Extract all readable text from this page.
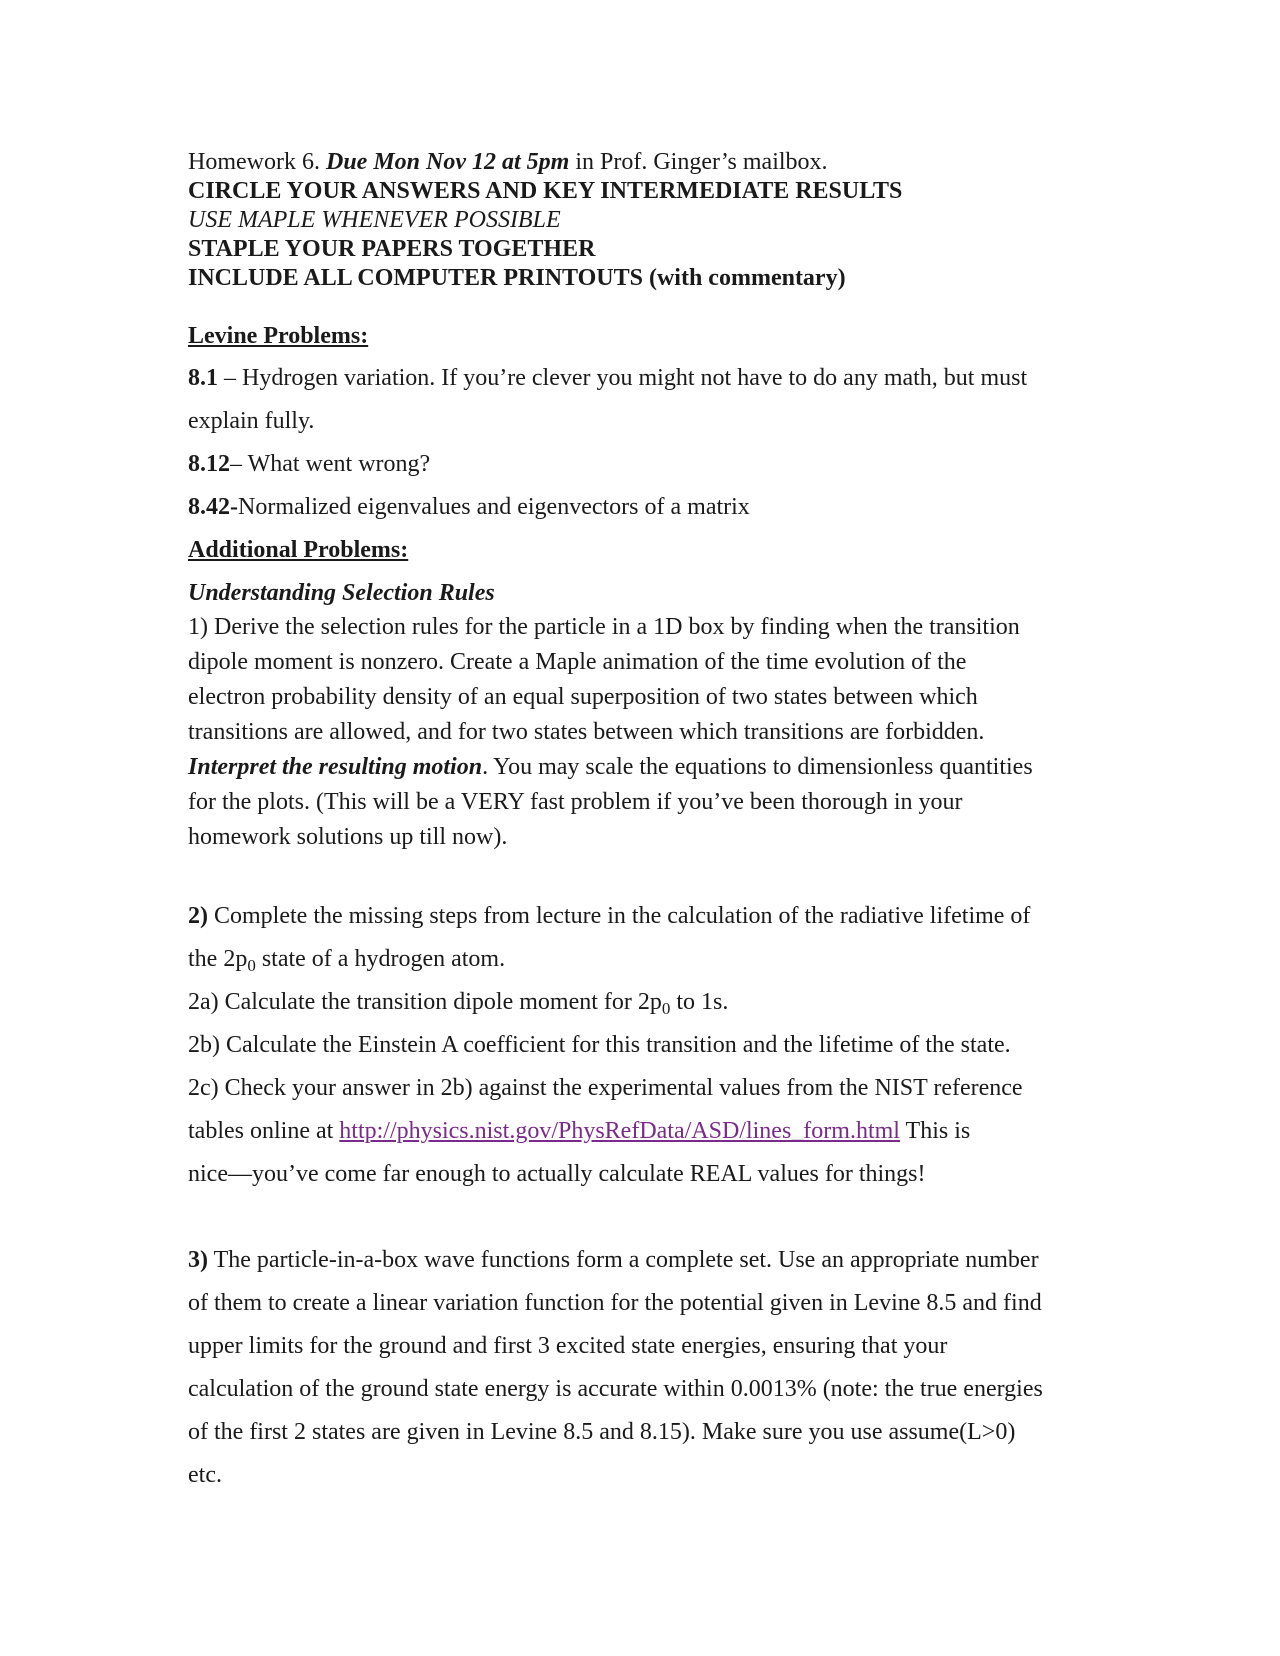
Homework 6. Due Mon Nov 12 at 5pm in Prof. Ginger’s mailbox.
CIRCLE YOUR ANSWERS AND KEY INTERMEDIATE RESULTS
USE MAPLE WHENEVER POSSIBLE
STAPLE YOUR PAPERS TOGETHER
INCLUDE ALL COMPUTER PRINTOUTS (with commentary)
Levine Problems:
8.1 – Hydrogen variation. If you’re clever you might not have to do any math, but must
explain fully.
8.12– What went wrong?
8.42-Normalized eigenvalues and eigenvectors of a matrix
Additional Problems:
Understanding Selection Rules
1) Derive the selection rules for the particle in a 1D box by finding when the transition
dipole moment is nonzero. Create a Maple animation of the time evolution of the
electron probability density of an equal superposition of two states between which
transitions are allowed, and for two states between which transitions are forbidden.
Interpret the resulting motion. You may scale the equations to dimensionless quantities
for the plots. (This will be a VERY fast problem if you’ve been thorough in your
homework solutions up till now).
2) Complete the missing steps from lecture in the calculation of the radiative lifetime of
the $2p_0$ state of a hydrogen atom.
2a) Calculate the transition dipole moment for $2p_0$ to 1s.
2b) Calculate the Einstein A coefficient for this transition and the lifetime of the state.
2c) Check your answer in 2b) against the experimental values from the NIST reference
tables online at http://physics.nist.gov/PhysRefData/ASD/lines_form.html This is
nice—you’ve come far enough to actually calculate REAL values for things!
3) The particle-in-a-box wave functions form a complete set. Use an appropriate number
of them to create a linear variation function for the potential given in Levine 8.5 and find
upper limits for the ground and first 3 excited state energies, ensuring that your
calculation of the ground state energy is accurate within 0.0013% (note: the true energies
of the first 2 states are given in Levine 8.5 and 8.15). Make sure you use assume(L>0)
etc.
